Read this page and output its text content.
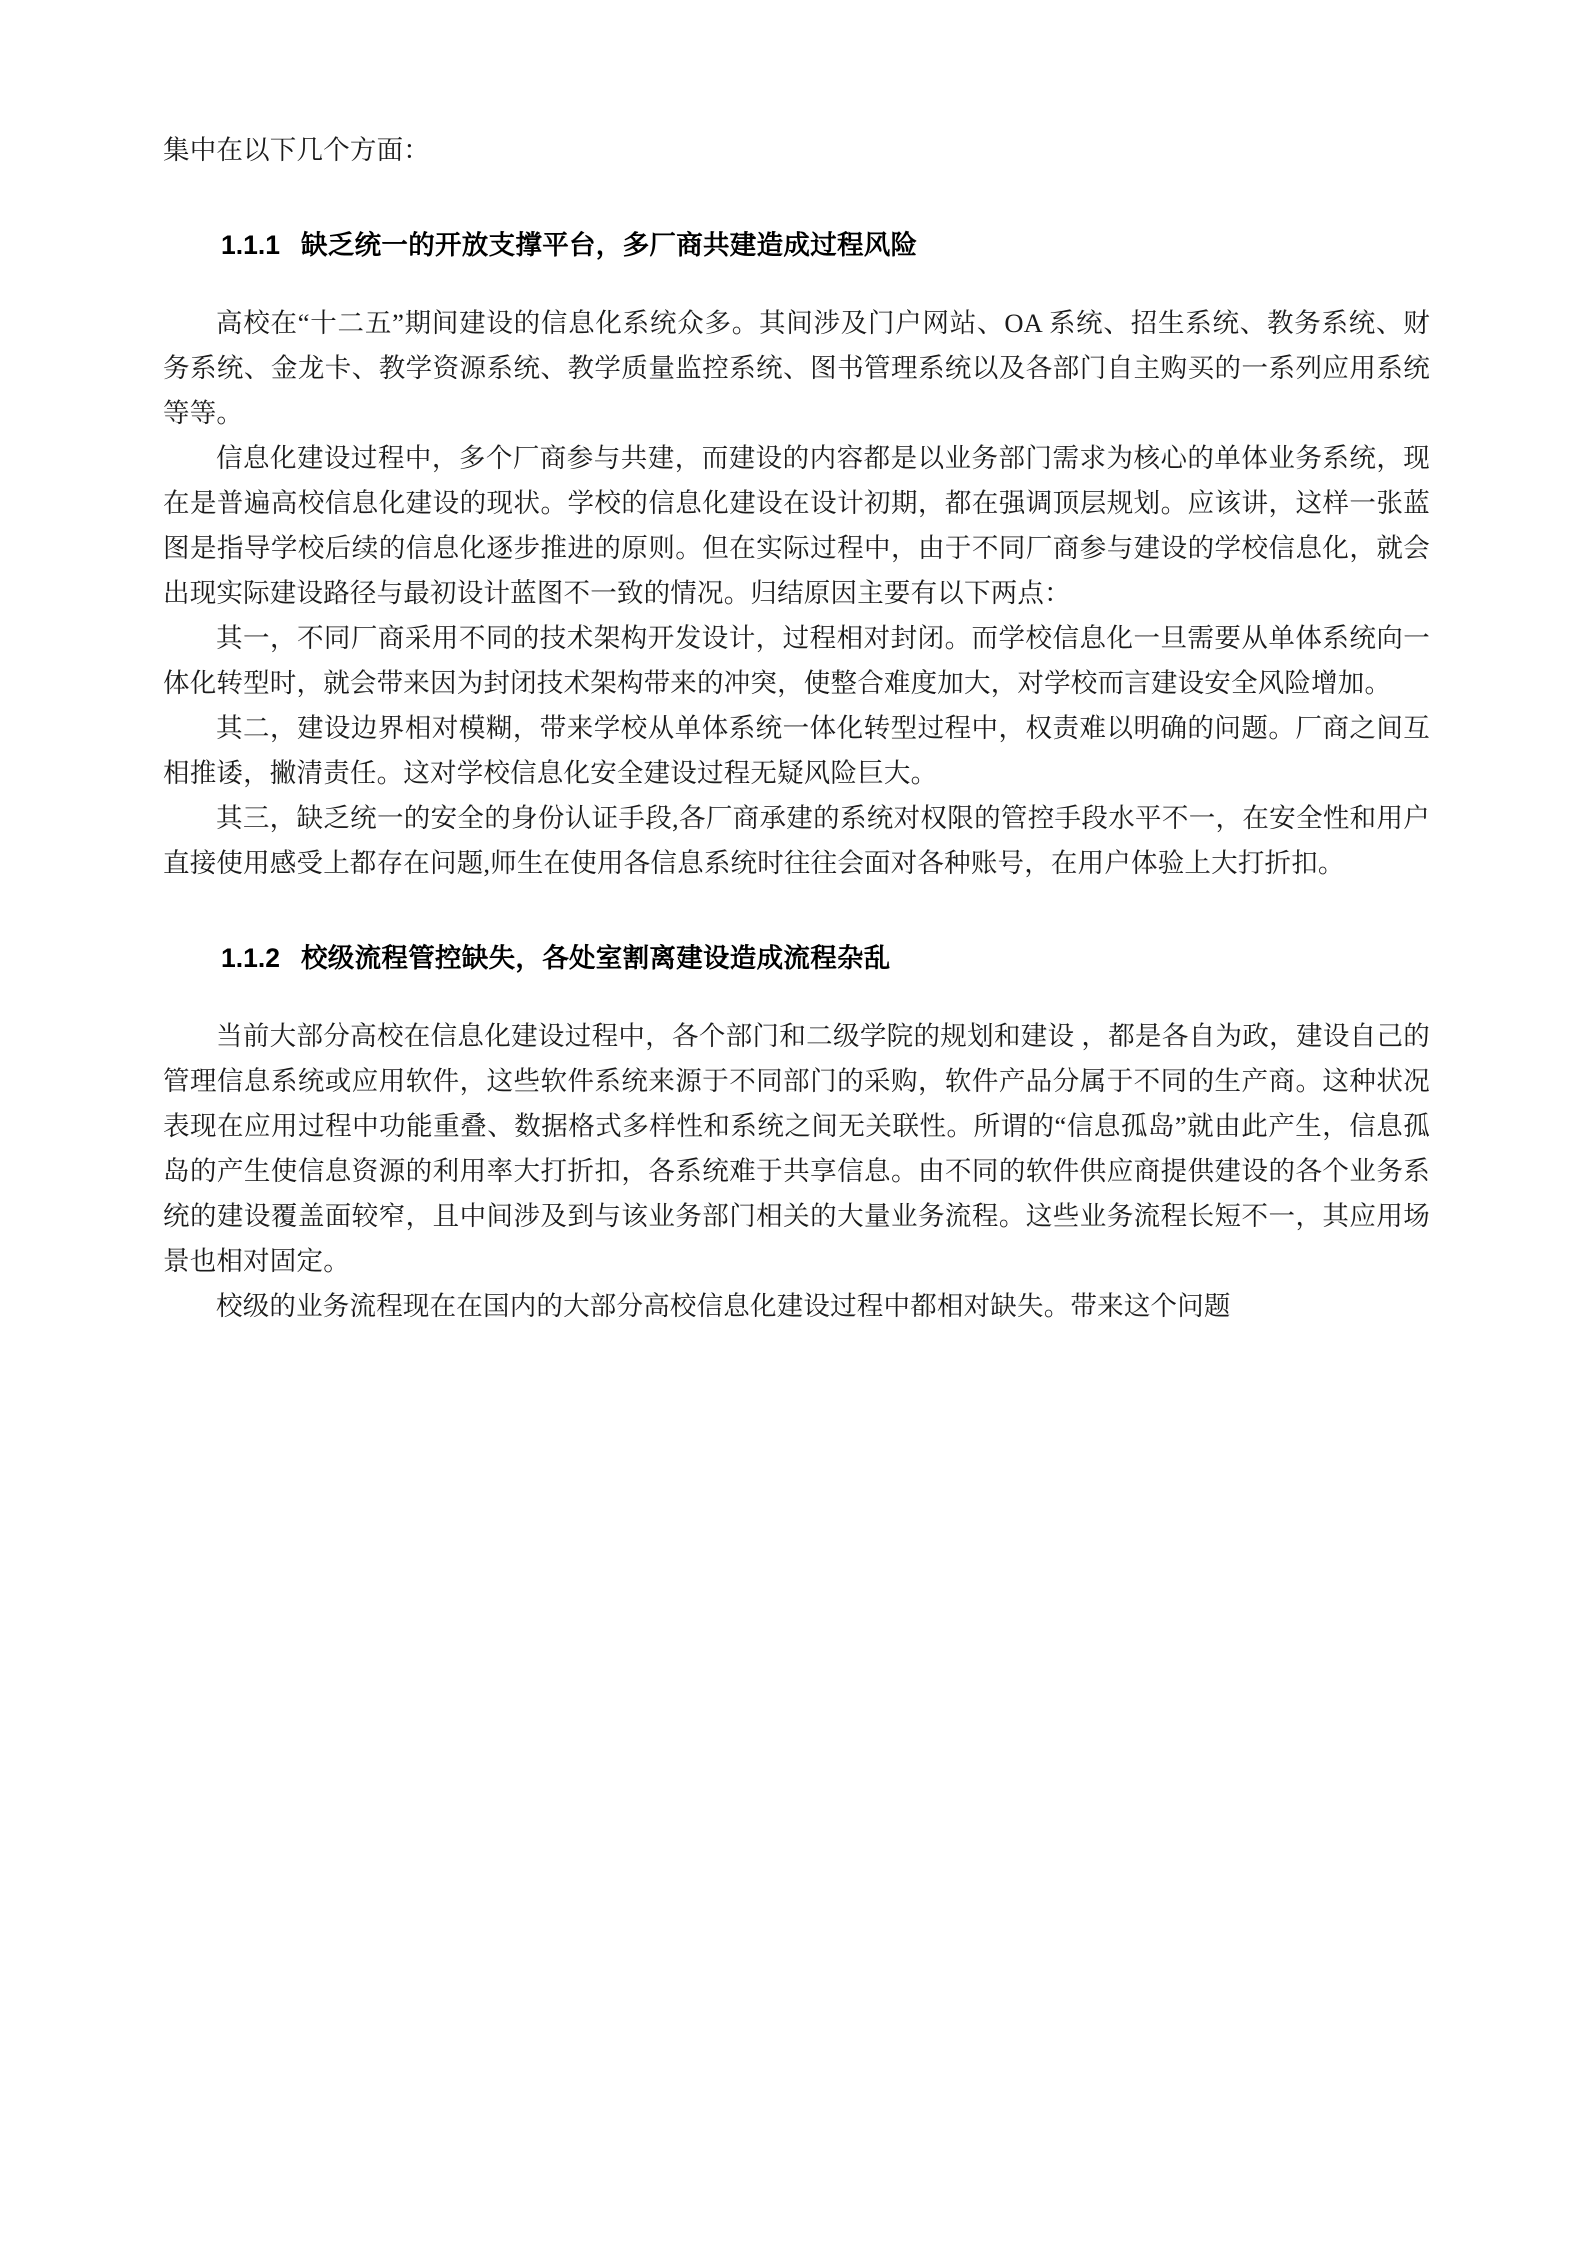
集中在以下几个方面：

1.1.1 缺乏统一的开放支撑平台，多厂商共建造成过程风险

高校在“十二五”期间建设的信息化系统众多。其间涉及门户网站、OA 系统、招生系统、教务系统、财务系统、金龙卡、教学资源系统、教学质量监控系统、图书管理系统以及各部门自主购买的一系列应用系统等等。

信息化建设过程中，多个厂商参与共建，而建设的内容都是以业务部门需求为核心的单体业务系统，现在是普遍高校信息化建设的现状。学校的信息化建设在设计初期，都在强调顶层规划。应该讲，这样一张蓝图是指导学校后续的信息化逐步推进的原则。但在实际过程中，由于不同厂商参与建设的学校信息化，就会出现实际建设路径与最初设计蓝图不一致的情况。归结原因主要有以下两点：

其一，不同厂商采用不同的技术架构开发设计，过程相对封闭。而学校信息化一旦需要从单体系统向一体化转型时，就会带来因为封闭技术架构带来的冲突，使整合难度加大，对学校而言建设安全风险增加。

其二，建设边界相对模糊，带来学校从单体系统一体化转型过程中，权责难以明确的问题。厂商之间互相推诿，撇清责任。这对学校信息化安全建设过程无疑风险巨大。

其三，缺乏统一的安全的身份认证手段,各厂商承建的系统对权限的管控手段水平不一，在安全性和用户直接使用感受上都存在问题,师生在使用各信息系统时往往会面对各种账号，在用户体验上大打折扣。

1.1.2 校级流程管控缺失，各处室割离建设造成流程杂乱

当前大部分高校在信息化建设过程中，各个部门和二级学院的规划和建设 ，都是各自为政，建设自己的管理信息系统或应用软件，这些软件系统来源于不同部门的采购，软件产品分属于不同的生产商。这种状况表现在应用过程中功能重叠、数据格式多样性和系统之间无关联性。所谓的“信息孤岛”就由此产生，信息孤岛的产生使信息资源的利用率大打折扣，各系统难于共享信息。由不同的软件供应商提供建设的各个业务系统的建设覆盖面较窄，且中间涉及到与该业务部门相关的大量业务流程。这些业务流程长短不一，其应用场景也相对固定。

校级的业务流程现在在国内的大部分高校信息化建设过程中都相对缺失。带来这个问题
